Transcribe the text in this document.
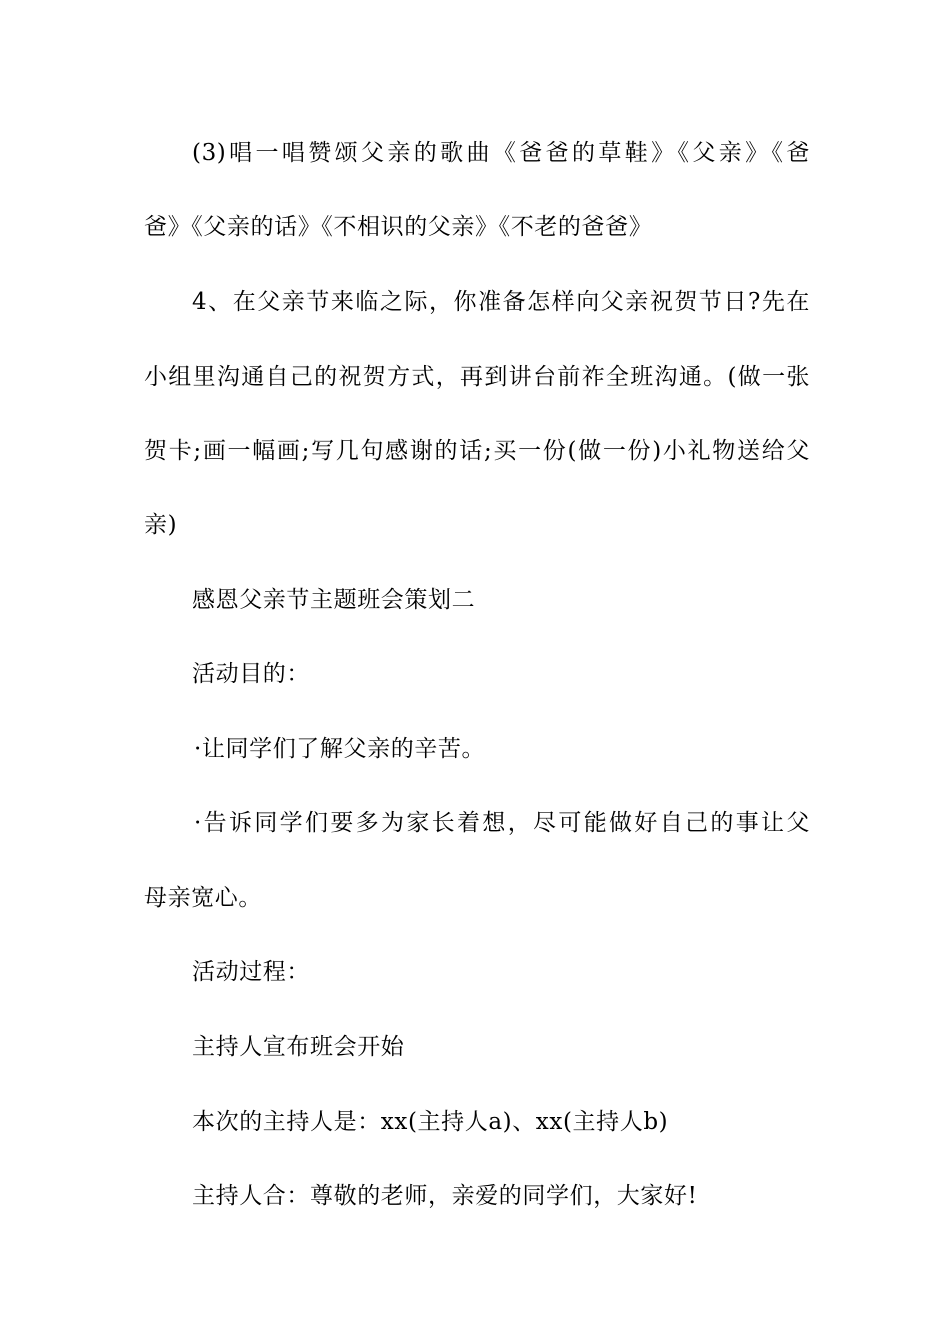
(3)唱一唱赞颂父亲的歌曲《爸爸的草鞋》《父亲》《爸
爸》《父亲的话》《不相识的父亲》《不老的爸爸》
4、在父亲节来临之际，你准备怎样向父亲祝贺节日?先在
小组里沟通自己的祝贺方式，再到讲台前祚全班沟通。(做一张
贺卡;画一幅画;写几句感谢的话;买一份(做一份)小礼物送给父
亲)
感恩父亲节主题班会策划二
活动目的：
·让同学们了解父亲的辛苦。
·告诉同学们要多为家长着想，尽可能做好自己的事让父
母亲宽心。
活动过程：
主持人宣布班会开始
本次的主持人是：xx(主持人a)、xx(主持人b)
主持人合：尊敬的老师，亲爱的同学们，大家好!
